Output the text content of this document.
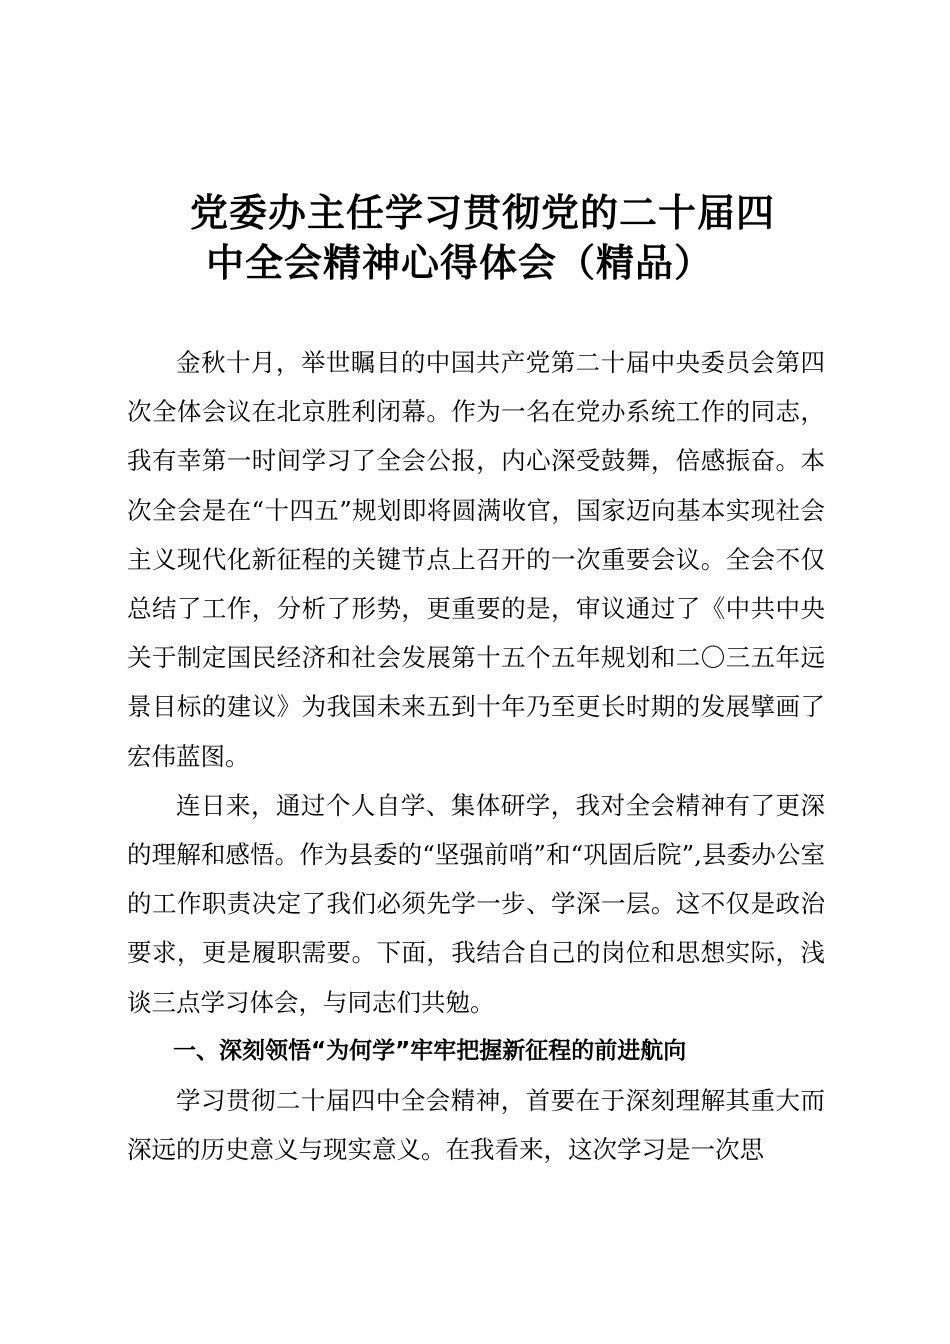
党委办主任学习贯彻党的二十届四
中全会精神心得体会（精品）

金秋十月，举世瞩目的中国共产党第二十届中央委员会第四次全体会议在北京胜利闭幕。作为一名在党办系统工作的同志，我有幸第一时间学习了全会公报，内心深受鼓舞，倍感振奋。本次全会是在“十四五”规划即将圆满收官，国家迈向基本实现社会主义现代化新征程的关键节点上召开的一次重要会议。全会不仅总结了工作，分析了形势，更重要的是，审议通过了《中共中央关于制定国民经济和社会发展第十五个五年规划和二〇三五年远景目标的建议》为我国未来五到十年乃至更长时期的发展擘画了宏伟蓝图。

连日来，通过个人自学、集体研学，我对全会精神有了更深的理解和感悟。作为县委的“坚强前哨”和“巩固后院”,县委办公室的工作职责决定了我们必须先学一步、学深一层。这不仅是政治要求，更是履职需要。下面，我结合自己的岗位和思想实际，浅谈三点学习体会，与同志们共勉。

一、深刻领悟“为何学”牢牢把握新征程的前进航向

学习贯彻二十届四中全会精神，首要在于深刻理解其重大而深远的历史意义与现实意义。在我看来，这次学习是一次思
